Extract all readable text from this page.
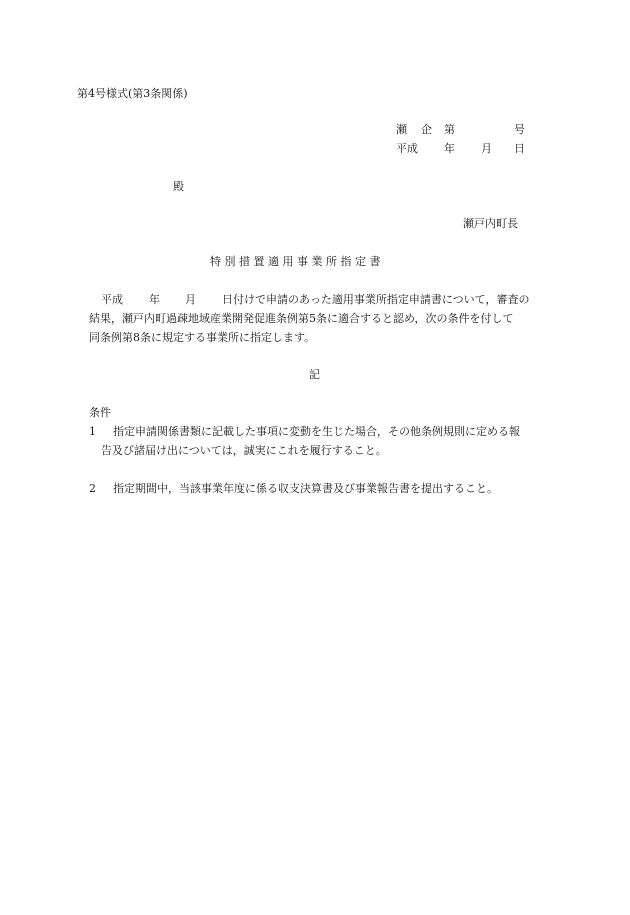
第4号様式(第3条関係)
瀬 企 第	号
平成 年 月 日
殿
瀬戸内町長
特 別 措 置 適 用 事 業 所 指 定 書
平成 年 月 日付けで申請のあった適用事業所指定申請書について，審査の
結果，瀬戸内町過疎地域産業開発促進条例第5条に適合すると認め，次の条件を付して
同条例第8条に規定する事業所に指定します。
記
条件
1 指定申請関係書類に記載した事項に変動を生じた場合，その他条例規則に定める報
告及び諸届け出については，誠実にこれを履行すること。
2 指定期間中，当該事業年度に係る収支決算書及び事業報告書を提出すること。
